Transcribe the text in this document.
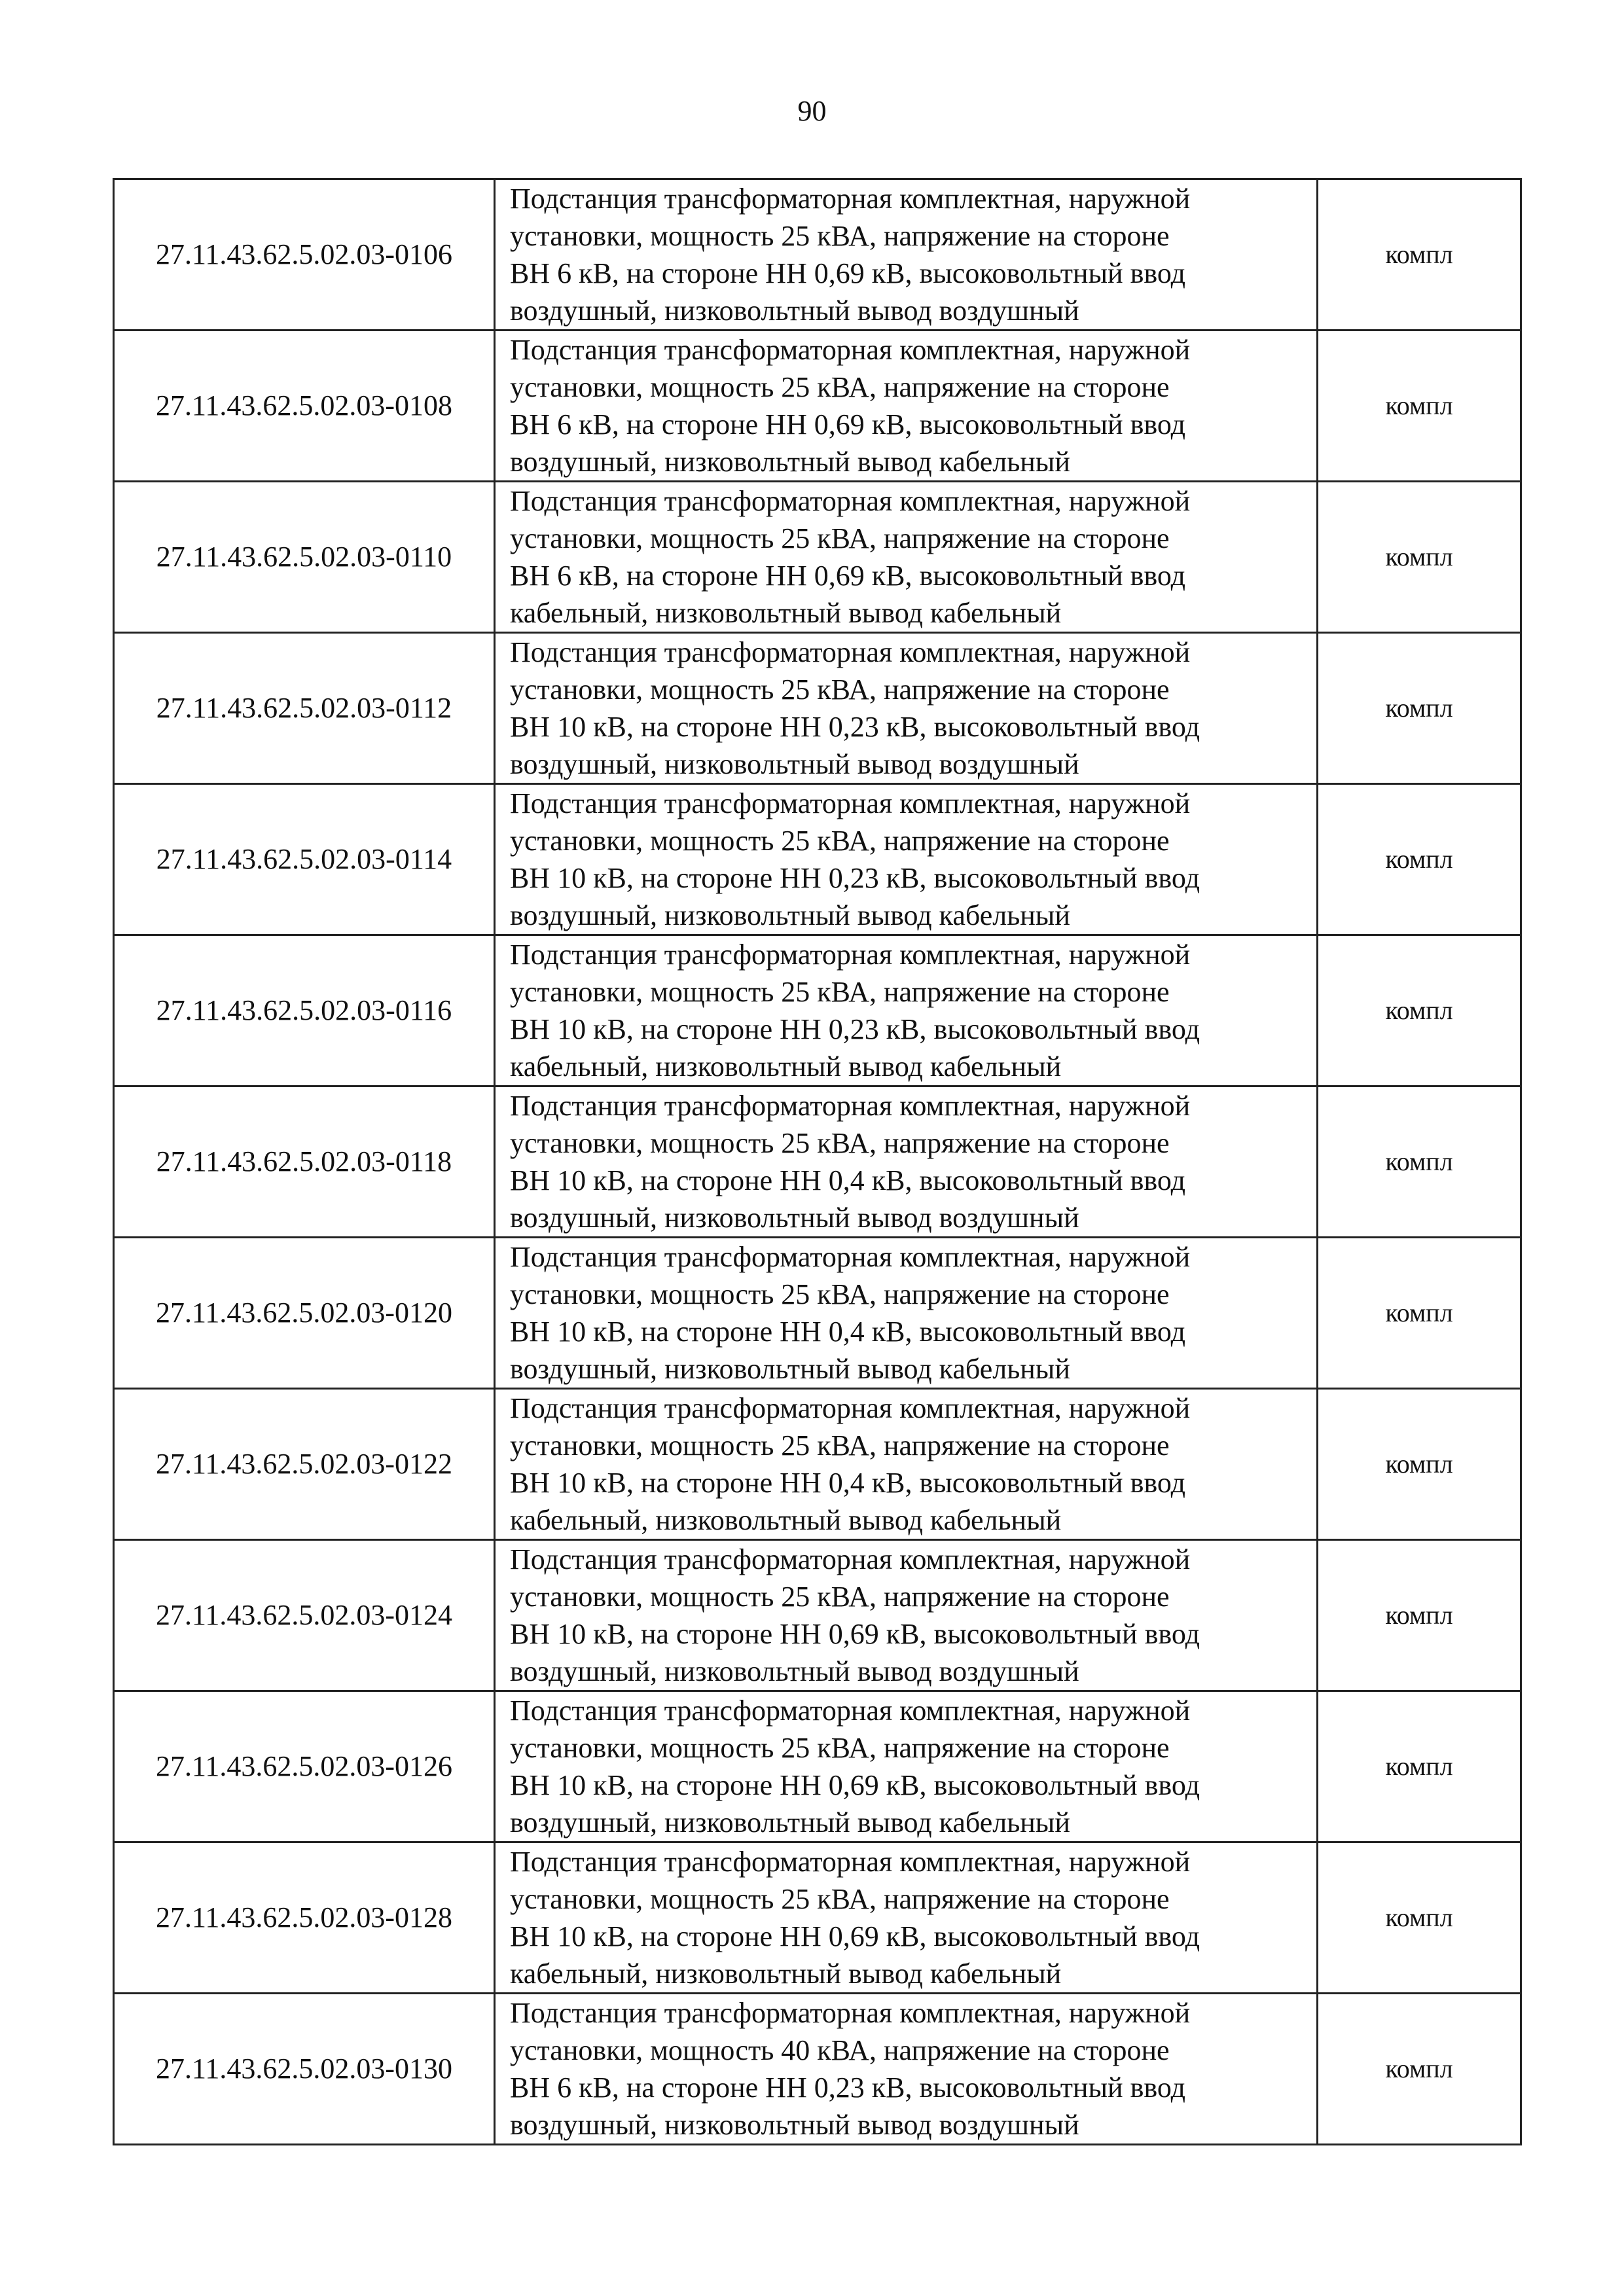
90
27.11.43.62.5.02.03-0106	Подстанция трансформаторная комплектная, наружной
установки, мощность 25 кВА, напряжение на стороне
ВН 6 кВ, на стороне НН 0,69 кВ, высоковольтный ввод
воздушный, низковольтный вывод воздушный	компл
27.11.43.62.5.02.03-0108	Подстанция трансформаторная комплектная, наружной
установки, мощность 25 кВА, напряжение на стороне
ВН 6 кВ, на стороне НН 0,69 кВ, высоковольтный ввод
воздушный, низковольтный вывод кабельный	компл
27.11.43.62.5.02.03-0110	Подстанция трансформаторная комплектная, наружной
установки, мощность 25 кВА, напряжение на стороне
ВН 6 кВ, на стороне НН 0,69 кВ, высоковольтный ввод
кабельный, низковольтный вывод кабельный	компл
27.11.43.62.5.02.03-0112	Подстанция трансформаторная комплектная, наружной
установки, мощность 25 кВА, напряжение на стороне
ВН 10 кВ, на стороне НН 0,23 кВ, высоковольтный ввод
воздушный, низковольтный вывод воздушный	компл
27.11.43.62.5.02.03-0114	Подстанция трансформаторная комплектная, наружной
установки, мощность 25 кВА, напряжение на стороне
ВН 10 кВ, на стороне НН 0,23 кВ, высоковольтный ввод
воздушный, низковольтный вывод кабельный	компл
27.11.43.62.5.02.03-0116	Подстанция трансформаторная комплектная, наружной
установки, мощность 25 кВА, напряжение на стороне
ВН 10 кВ, на стороне НН 0,23 кВ, высоковольтный ввод
кабельный, низковольтный вывод кабельный	компл
27.11.43.62.5.02.03-0118	Подстанция трансформаторная комплектная, наружной
установки, мощность 25 кВА, напряжение на стороне
ВН 10 кВ, на стороне НН 0,4 кВ, высоковольтный ввод
воздушный, низковольтный вывод воздушный	компл
27.11.43.62.5.02.03-0120	Подстанция трансформаторная комплектная, наружной
установки, мощность 25 кВА, напряжение на стороне
ВН 10 кВ, на стороне НН 0,4 кВ, высоковольтный ввод
воздушный, низковольтный вывод кабельный	компл
27.11.43.62.5.02.03-0122	Подстанция трансформаторная комплектная, наружной
установки, мощность 25 кВА, напряжение на стороне
ВН 10 кВ, на стороне НН 0,4 кВ, высоковольтный ввод
кабельный, низковольтный вывод кабельный	компл
27.11.43.62.5.02.03-0124	Подстанция трансформаторная комплектная, наружной
установки, мощность 25 кВА, напряжение на стороне
ВН 10 кВ, на стороне НН 0,69 кВ, высоковольтный ввод
воздушный, низковольтный вывод воздушный	компл
27.11.43.62.5.02.03-0126	Подстанция трансформаторная комплектная, наружной
установки, мощность 25 кВА, напряжение на стороне
ВН 10 кВ, на стороне НН 0,69 кВ, высоковольтный ввод
воздушный, низковольтный вывод кабельный	компл
27.11.43.62.5.02.03-0128	Подстанция трансформаторная комплектная, наружной
установки, мощность 25 кВА, напряжение на стороне
ВН 10 кВ, на стороне НН 0,69 кВ, высоковольтный ввод
кабельный, низковольтный вывод кабельный	компл
27.11.43.62.5.02.03-0130	Подстанция трансформаторная комплектная, наружной
установки, мощность 40 кВА, напряжение на стороне
ВН 6 кВ, на стороне НН 0,23 кВ, высоковольтный ввод
воздушный, низковольтный вывод воздушный	компл
